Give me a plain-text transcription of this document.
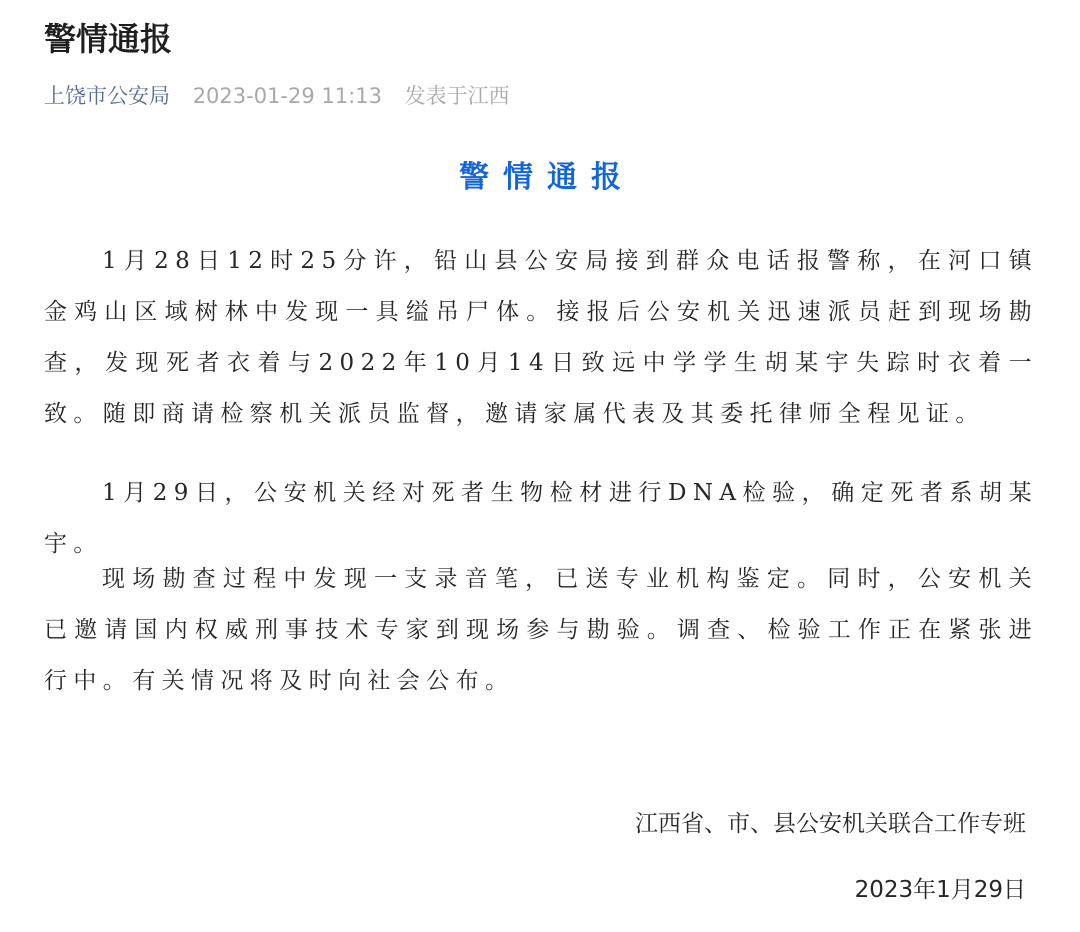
警情通报
上饶市公安局 2023-01-29 11:13 发表于江西
警情通报

1月28日12时25分许，铅山县公安局接到群众电话报警称，在河口镇金鸡山区域树林中发现一具缢吊尸体。接报后公安机关迅速派员赶到现场勘查，发现死者衣着与2022年10月14日致远中学学生胡某宇失踪时衣着一致。随即商请检察机关派员监督，邀请家属代表及其委托律师全程见证。

1月29日，公安机关经对死者生物检材进行DNA检验，确定死者系胡某宇。

现场勘查过程中发现一支录音笔，已送专业机构鉴定。同时，公安机关已邀请国内权威刑事技术专家到现场参与勘验。调查、检验工作正在紧张进行中。有关情况将及时向社会公布。

江西省、市、县公安机关联合工作专班
2023年1月29日
